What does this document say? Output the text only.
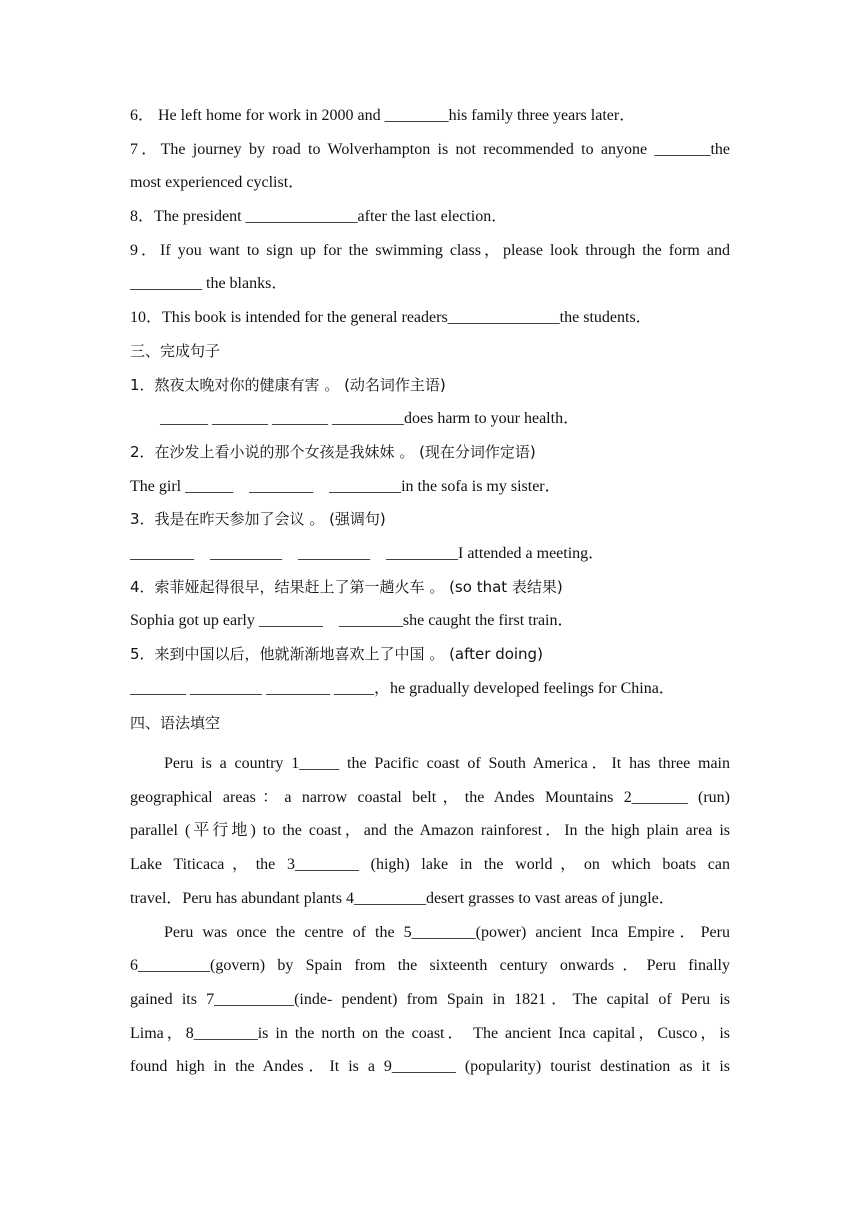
6． He left home for work in 2000 and ________his family three years later．
7．The journey by road to Wolverhampton is not recommended to anyone _______the
most experienced cyclist．
8．The president ______________after the last election．
9．If you want to sign up for the swimming class，please look through the form and
_________ the blanks．
10．This book is intended for the general readers______________the students．
三、完成句子
1．熬夜太晚对你的健康有害 。 (动名词作主语)
______ _______ _______ _________does harm to your health．
2．在沙发上看小说的那个女孩是我妹妹 。 (现在分词作定语)
The girl ______    ________    _________in the sofa is my sister．
3．我是在昨天参加了会议 。 (强调句)
________    _________    _________    _________I attended a meeting．
4．索菲娅起得很早，结果赶上了第一趟火车 。 (so that 表结果)
Sophia got up early ________    ________she caught the first train．
5．来到中国以后，他就渐渐地喜欢上了中国 。 (after doing)
_______ _________ ________ _____，he gradually developed feelings for China．
四、语法填空
Peru is a country 1_____ the Pacific coast of South America．It has three main
geographical areas：a narrow coastal belt，the Andes Mountains 2_______ (run)
parallel (平行地) to the coast，and the Amazon rainforest．In the high plain area is
Lake Titicaca，the 3________ (high) lake in the world，on which boats can
travel．Peru has abundant plants 4_________desert grasses to vast areas of jungle．
Peru was once the centre of the 5________(power) ancient Inca Empire．Peru
6_________(govern) by Spain from the sixteenth century onwards．Peru finally
gained its 7__________(inde- pendent) from Spain in 1821．The capital of Peru is
Lima，8________is in the north on the coast． The ancient Inca capital，Cusco，is
found high in the Andes．It is a 9________ (popularity) tourist destination as it is
